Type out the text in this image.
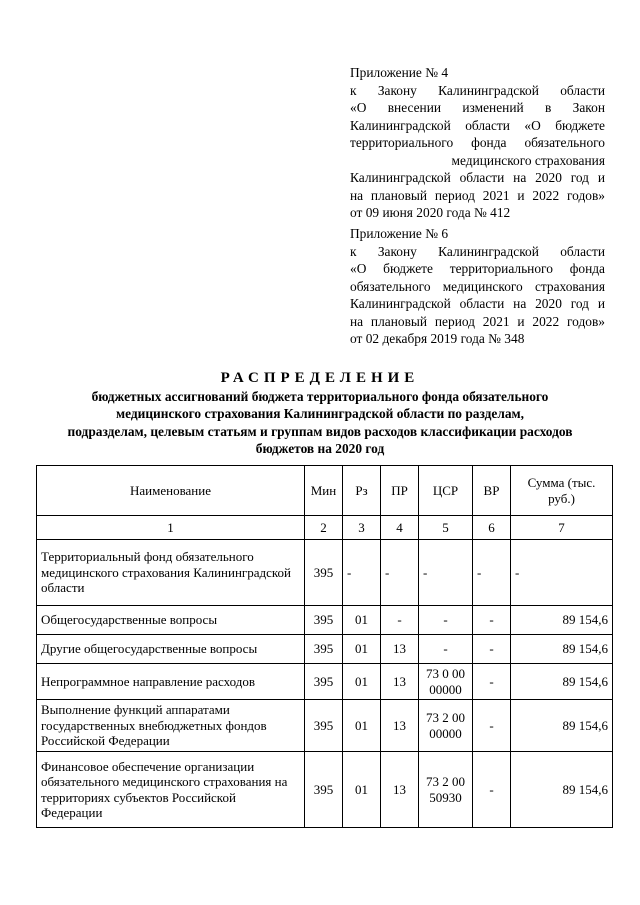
Приложение № 4
к Закону Калининградской области
«О внесении изменений в Закон
Калининградской области «О бюджете
территориального фонда обязательного
медицинского страхования
Калининградской области на 2020 год и
на плановый период 2021 и 2022 годов»
от 09 июня 2020 года № 412
Приложение № 6
к Закону Калининградской области
«О бюджете территориального фонда
обязательного медицинского страхования
Калининградской области на 2020 год и
на плановый период 2021 и 2022 годов»
от 02 декабря 2019 года № 348
РАСПРЕДЕЛЕНИЕ
бюджетных ассигнований бюджета территориального фонда обязательного
медицинского страхования Калининградской области по разделам,
подразделам, целевым статьям и группам видов расходов классификации расходов
бюджетов на 2020 год
Наименование	Мин	Рз	ПР	ЦСР	ВР	Сумма (тыс. руб.)
1	2	3	4	5	6	7
Территориальный фонд обязательного медицинского страхования Калининградской области	395	-	-	-	-	-
Общегосударственные вопросы	395	01	-	-	-	89 154,6
Другие общегосударственные вопросы	395	01	13	-	-	89 154,6
Непрограммное направление расходов	395	01	13	73 0 00 00000	-	89 154,6
Выполнение функций аппаратами государственных внебюджетных фондов Российской Федерации	395	01	13	73 2 00 00000	-	89 154,6
Финансовое обеспечение организации обязательного медицинского страхования на территориях субъектов Российской Федерации	395	01	13	73 2 00 50930	-	89 154,6
